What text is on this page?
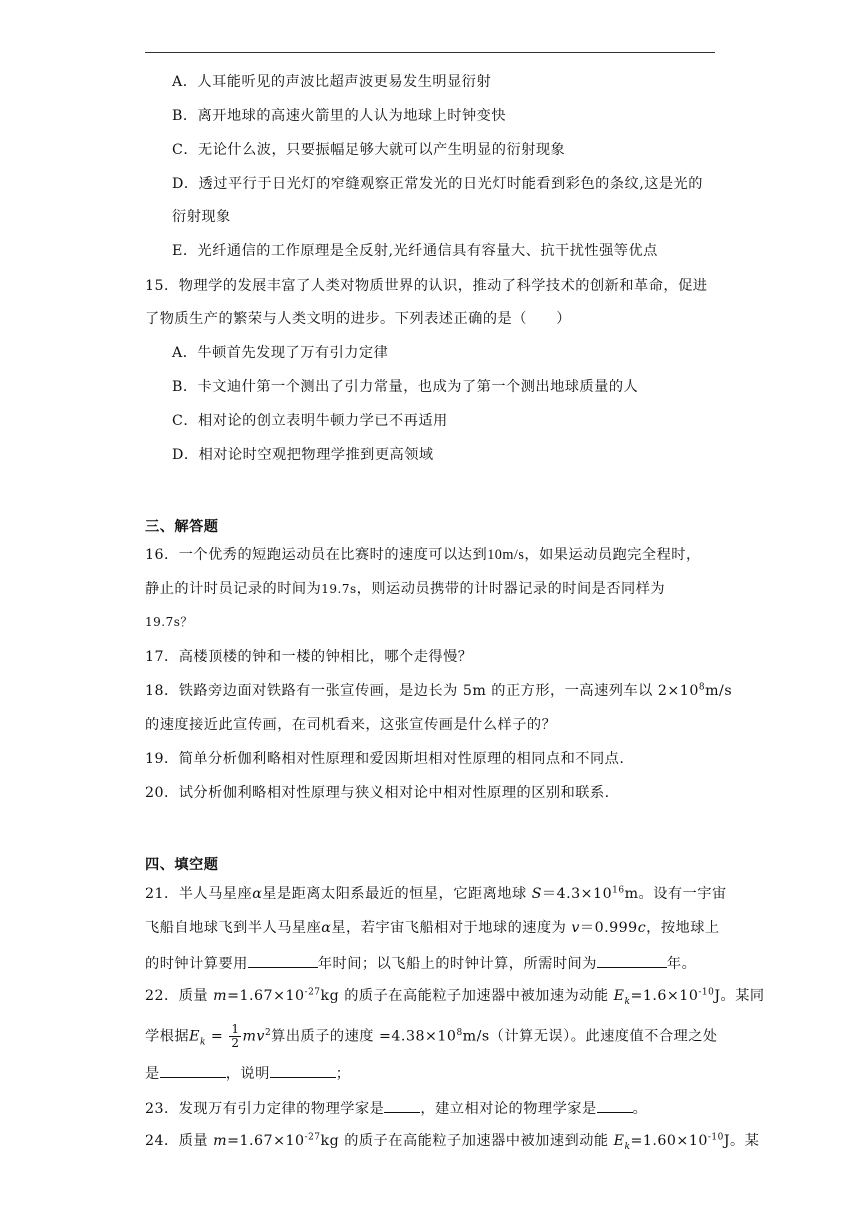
A．人耳能听见的声波比超声波更易发生明显衍射
B．离开地球的高速火箭里的人认为地球上时钟变快
C．无论什么波，只要振幅足够大就可以产生明显的衍射现象
D．透过平行于日光灯的窄缝观察正常发光的日光灯时能看到彩色的条纹,这是光的
衍射现象
E．光纤通信的工作原理是全反射,光纤通信具有容量大、抗干扰性强等优点
15．物理学的发展丰富了人类对物质世界的认识，推动了科学技术的创新和革命，促进
了物质生产的繁荣与人类文明的进步。下列表述正确的是（　　）
A．牛顿首先发现了万有引力定律
B．卡文迪什第一个测出了引力常量，也成为了第一个测出地球质量的人
C．相对论的创立表明牛顿力学已不再适用
D．相对论时空观把物理学推到更高领域
三、解答题
16．一个优秀的短跑运动员在比赛时的速度可以达到10m/s，如果运动员跑完全程时，
静止的计时员记录的时间为19.7s，则运动员携带的计时器记录的时间是否同样为
19.7s？
17．高楼顶楼的钟和一楼的钟相比，哪个走得慢？
18．铁路旁边面对铁路有一张宣传画，是边长为 5m 的正方形，一高速列车以 $2\times 10^8m/s$
的速度接近此宣传画，在司机看来，这张宣传画是什么样子的？
19．简单分析伽利略相对性原理和爱因斯坦相对性原理的相同点和不同点.
20．试分析伽利略相对性原理与狭义相对论中相对性原理的区别和联系.
四、填空题
21．半人马星座α星是距离太阳系最近的恒星，它距离地球 $S=4.3\times 10^{16}m$。设有一宇宙
飞船自地球飞到半人马星座α星，若宇宙飞船相对于地球的速度为 v＝0.999c，按地球上
的时钟计算要用	年时间；以飞船上的时钟计算，所需时间为	年。
22．质量 $m=1.67\times 10^{-27}kg$ 的质子在高能粒子加速器中被加速为动能 $E_k=1.6\times 10^{-10}J$。某同
学根据$E_k = \frac{1}{2} mv^2$算出质子的速度 $=4.38\times 10^8m/s$（计算无误）。此速度值不合理之处
是	，说明	；
23．发现万有引力定律的物理学家是	，建立相对论的物理学家是	。
24．质量 $m=1.67\times 10^{-27}kg$ 的质子在高能粒子加速器中被加速到动能 $E_k=1.60\times 10^{-10}J$。某
